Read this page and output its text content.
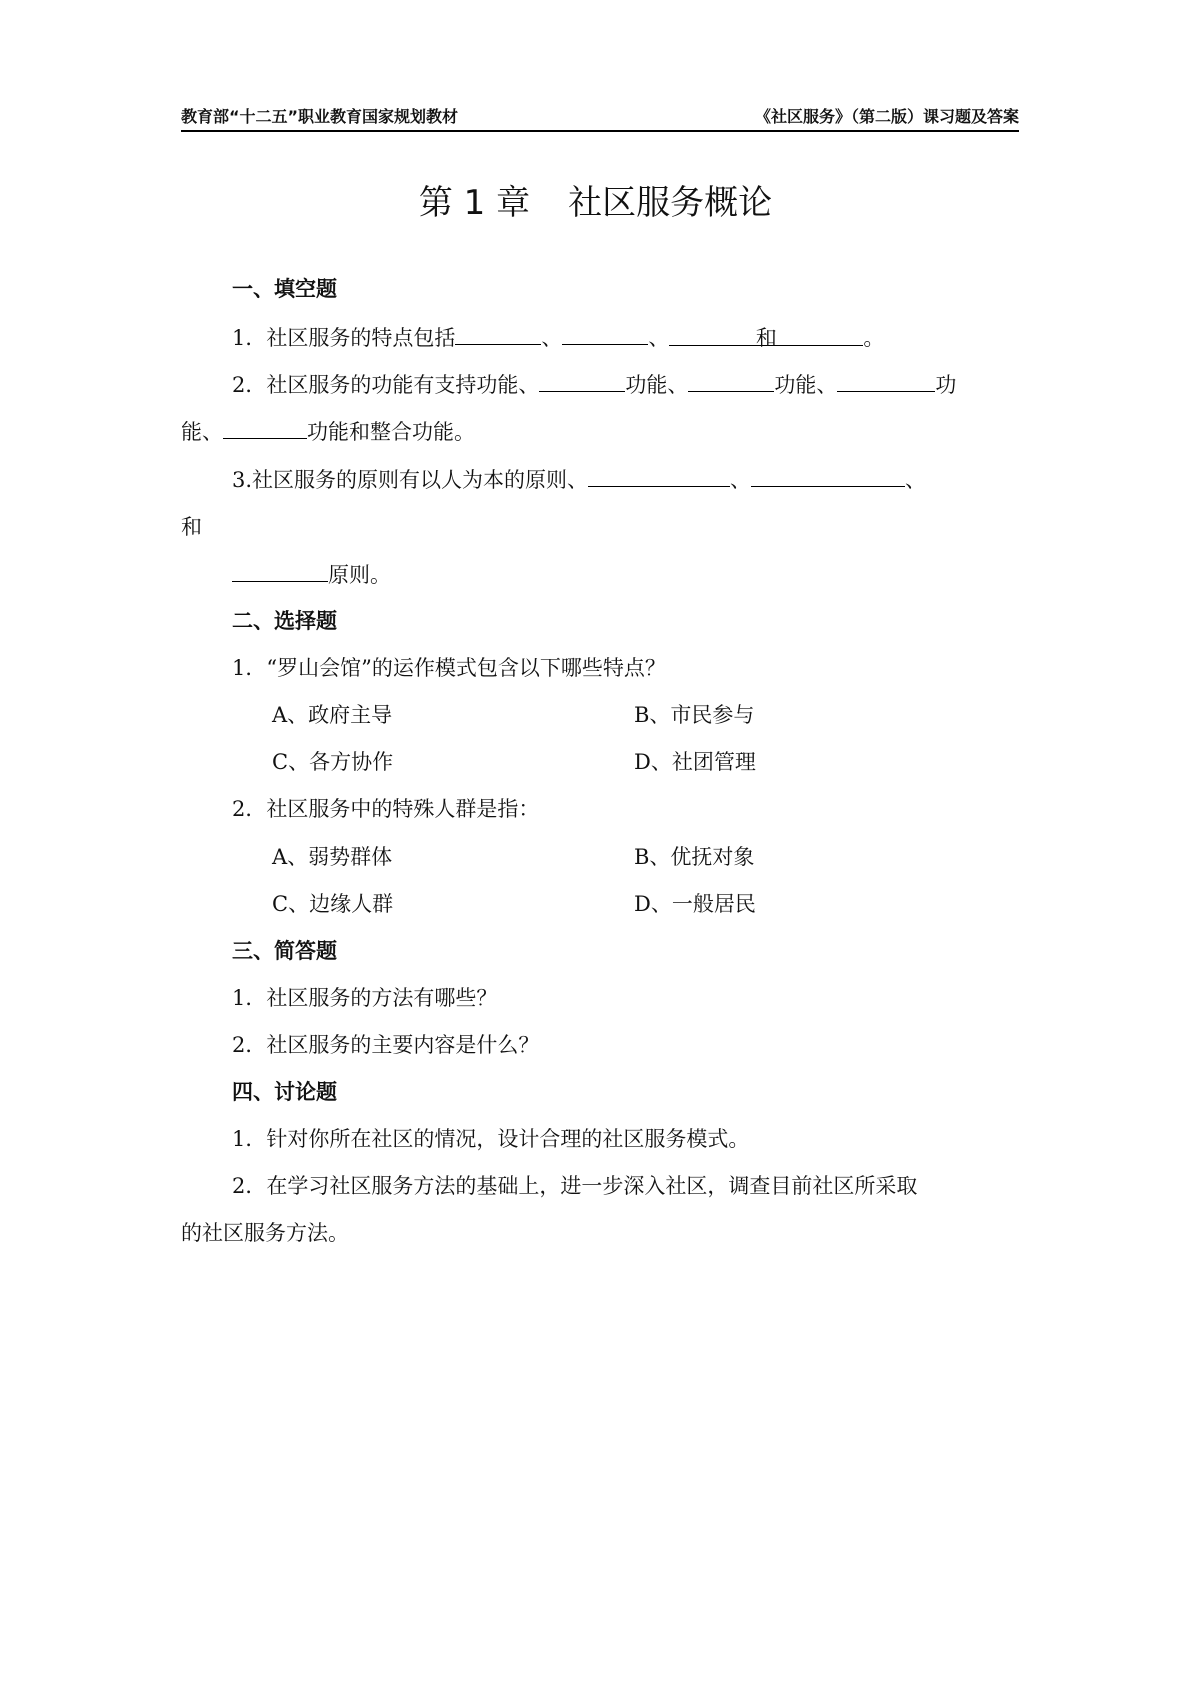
教育部“十二五”职业教育国家规划教材	《社区服务》（第二版）课习题及答案
第 1 章 社区服务概论
一、填空题
1．社区服务的特点包括	、	、	和	。
2．社区服务的功能有支持功能、	功能、	功能、	功
能、	功能和整合功能。
3.社区服务的原则有以人为本的原则、	、	、
和
原则。
二、选择题
1．“罗山会馆”的运作模式包含以下哪些特点？
A、政府主导	B、市民参与
C、各方协作	D、社团管理
2．社区服务中的特殊人群是指：
A、弱势群体	B、优抚对象
C、边缘人群	D、一般居民
三、简答题
1．社区服务的方法有哪些？
2．社区服务的主要内容是什么？
四、讨论题
1．针对你所在社区的情况，设计合理的社区服务模式。
2．在学习社区服务方法的基础上，进一步深入社区，调查目前社区所采取
的社区服务方法。
